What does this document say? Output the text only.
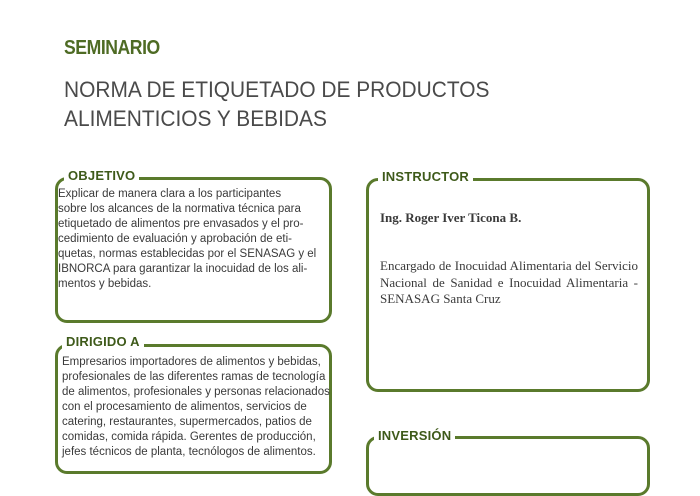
SEMINARIO
NORMA DE ETIQUETADO DE PRODUCTOS
ALIMENTICIOS Y BEBIDAS
OBJETIVO
Explicar de manera clara a los participantes
sobre los alcances de la normativa técnica para
etiquetado de alimentos pre envasados y el pro-
cedimiento de evaluación y aprobación de eti-
quetas, normas establecidas por el SENASAG y el
IBNORCA para garantizar la inocuidad de los ali-
mentos y bebidas.
DIRIGIDO A
Empresarios importadores de alimentos y bebidas,
profesionales de las diferentes ramas de tecnología
de alimentos, profesionales y personas relacionados
con el procesamiento de alimentos, servicios de
catering, restaurantes, supermercados, patios de
comidas, comida rápida. Gerentes de producción,
jefes técnicos de planta, tecnólogos de alimentos.
INSTRUCTOR
Ing. Roger Iver Ticona B.
Encargado de Inocuidad Alimentaria del Servicio Nacional de Sanidad e Inocuidad Alimentaria - SENASAG Santa Cruz
INVERSIÓN
